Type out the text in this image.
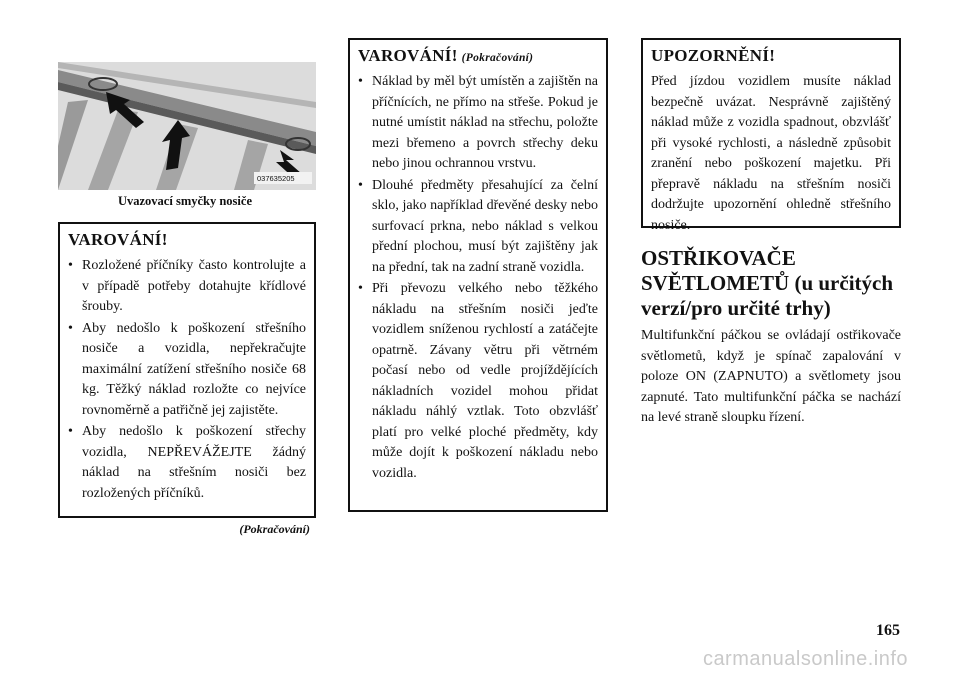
037635205
Uvazovací smyčky nosiče
VAROVÁNÍ!
• Rozložené příčníky často kontrolujte a v případě potřeby dotahujte křídlové šrouby.
• Aby nedošlo k poškození střešního nosiče a vozidla, nepřekračujte maximální zatížení střešního nosiče 68 kg. Těžký náklad rozložte co nejvíce rovnoměrně a patřičně jej zajistěte.
• Aby nedošlo k poškození střechy vozidla, NEPŘEVÁŽEJTE žádný náklad na střešním nosiči bez rozložených příčníků.
(Pokračování)
VAROVÁNÍ! (Pokračování)
• Náklad by měl být umístěn a zajištěn na příčnících, ne přímo na střeše. Pokud je nutné umístit náklad na střechu, položte mezi břemeno a povrch střechy deku nebo jinou ochrannou vrstvu.
• Dlouhé předměty přesahující za čelní sklo, jako například dřevěné desky nebo surfovací prkna, nebo náklad s velkou přední plochou, musí být zajištěny jak na přední, tak na zadní straně vozidla.
• Při převozu velkého nebo těžkého nákladu na střešním nosiči jeďte vozidlem sníženou rychlostí a zatáčejte opatrně. Závany větru při větrném počasí nebo od vedle projíždějících nákladních vozidel mohou přidat nákladu náhlý vztlak. Toto obzvlášť platí pro velké ploché předměty, kdy může dojít k poškození nákladu nebo vozidla.
UPOZORNĚNÍ!

Před jízdou vozidlem musíte náklad bezpečně uvázat. Nesprávně zajištěný náklad může z vozidla spadnout, obzvlášť při vysoké rychlosti, a následně způsobit zranění nebo poškození majetku. Při přepravě nákladu na střešním nosiči dodržujte upozornění ohledně střešního nosiče.

OSTŘIKOVAČE SVĚTLOMETŮ (u určitých verzí/pro určité trhy)

Multifunkční páčkou se ovládají ostřikovače světlometů, když je spínač zapalování v poloze ON (ZAPNUTO) a světlomety jsou zapnuté. Tato multifunkční páčka se nachází na levé straně sloupku řízení.

165
carmanualsonline.info
